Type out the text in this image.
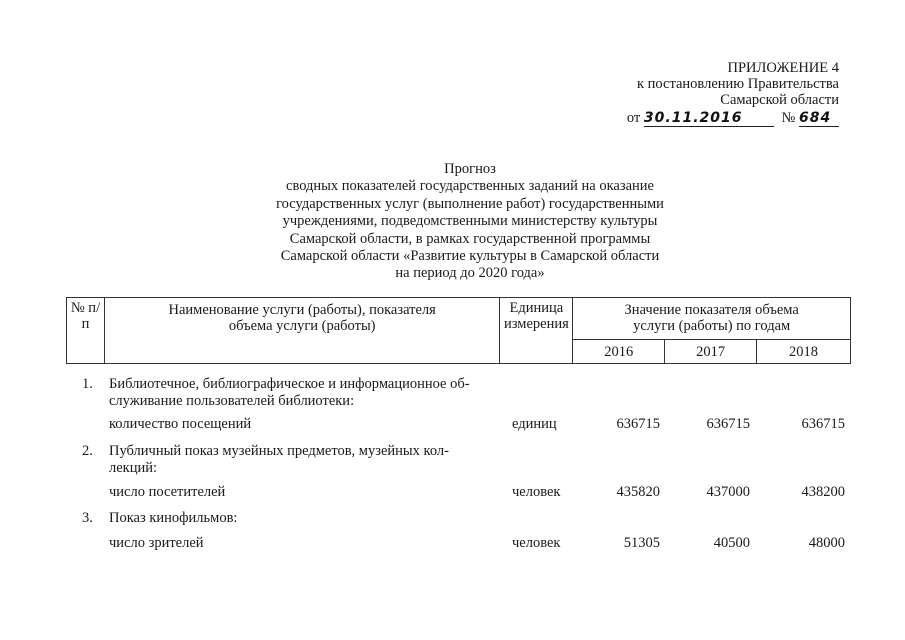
ПРИЛОЖЕНИЕ 4
к постановлению Правительства
Самарской области
от 30.11.2016	№ 684
Прогноз
сводных показателей государственных заданий на оказание
государственных услуг (выполнение работ) государственными
учреждениями, подведомственными министерству культуры
Самарской области, в рамках государственной программы
Самарской области «Развитие культуры в Самарской области
на период до 2020 года»
№ п/п	Наименование услуги (работы), показателя объема услуги (работы)	Единица измерения	Значение показателя объема услуги (работы) по годам		
			2016	2017	2018
1. Библиотечное, библиографическое и информационное об-
служивание пользователей библиотеки:
количество посещений	единиц	636715	636715	636715
2. Публичный показ музейных предметов, музейных кол-
лекций:
число посетителей	человек	435820	437000	438200
3. Показ кинофильмов:
число зрителей	человек	51305	40500	48000
